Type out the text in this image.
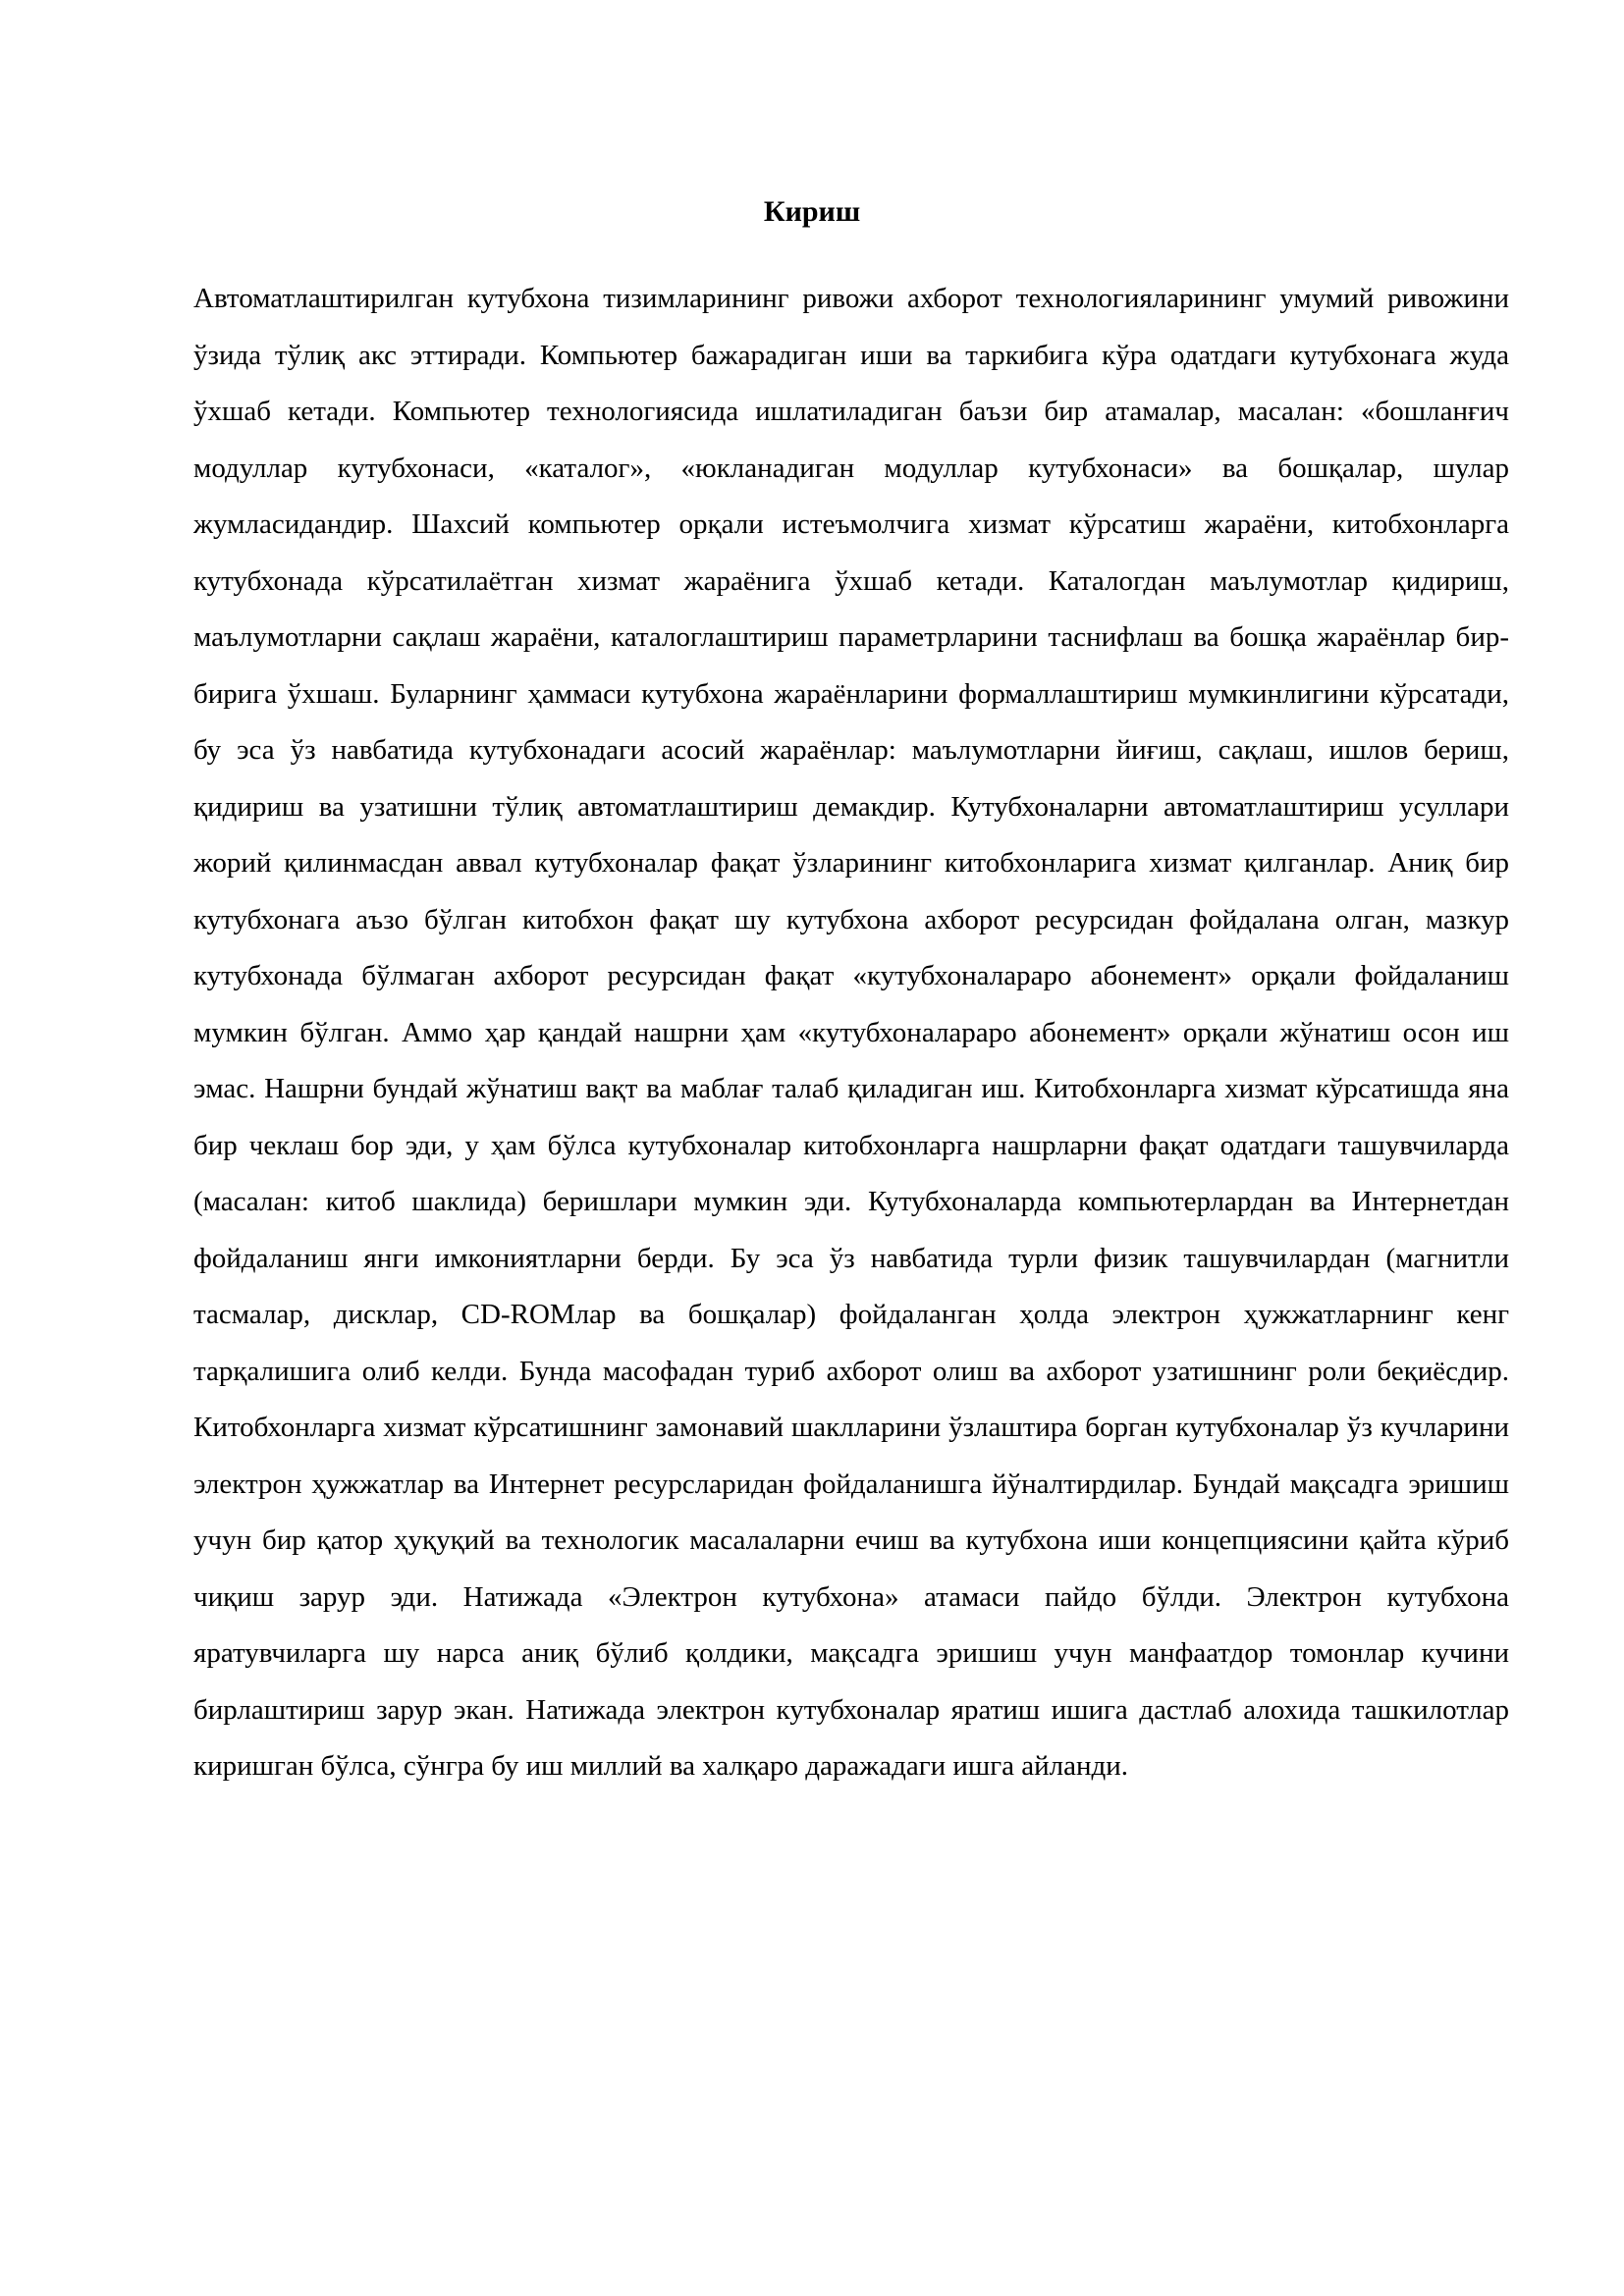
Кириш

Автоматлаштирилган кутубхона тизимларининг ривожи ахборот технологияларининг умумий ривожини ўзида тўлиқ акс эттиради. Компьютер бажарадиган иши ва таркибига кўра одатдаги кутубхонага жуда ўхшаб кетади. Компьютер технологиясида ишлатиладиган баъзи бир атамалар, масалан: «бошланғич модуллар кутубхонаси, «каталог», «юкланадиган модуллар кутубхонаси» ва бошқалар, шулар жумласидандир. Шахсий компьютер орқали истеъмолчига хизмат кўрсатиш жараёни, китобхонларга кутубхонада кўрсатилаётган хизмат жараёнига ўхшаб кетади. Каталогдан маълумотлар қидириш, маълумотларни сақлаш жараёни, каталоглаштириш параметрларини таснифлаш ва бошқа жараёнлар бир-бирига ўхшаш. Буларнинг ҳаммаси кутубхона жараёнларини формаллаштириш мумкинлигини кўрсатади, бу эса ўз навбатида кутубхонадаги асосий жараёнлар: маълумотларни йиғиш, сақлаш, ишлов бериш, қидириш ва узатишни тўлиқ автоматлаштириш демакдир. Кутубхоналарни автоматлаштириш усуллари жорий қилинмасдан аввал кутубхоналар фақат ўзларининг китобхонларига хизмат қилганлар. Аниқ бир кутубхонага аъзо бўлган китобхон фақат шу кутубхона ахборот ресурсидан фойдалана олган, мазкур кутубхонада бўлмаган ахборот ресурсидан фақат «кутубхоналараро абонемент» орқали фойдаланиш мумкин бўлган. Аммо ҳар қандай нашрни ҳам «кутубхоналараро абонемент» орқали жўнатиш осон иш эмас. Нашрни бундай жўнатиш вақт ва маблағ талаб қиладиган иш. Китобхонларга хизмат кўрсатишда яна бир чеклаш бор эди, у ҳам бўлса кутубхоналар китобхонларга нашрларни фақат одатдаги ташувчиларда (масалан: китоб шаклида) беришлари мумкин эди. Кутубхоналарда компьютерлардан ва Интернетдан фойдаланиш янги имкониятларни берди. Бу эса ўз навбатида турли физик ташувчилардан (магнитли тасмалар, дисклар, CD-ROMлар ва бошқалар) фойдаланган ҳолда электрон ҳужжатларнинг кенг тарқалишига олиб келди. Бунда масофадан туриб ахборот олиш ва ахборот узатишнинг роли беқиёсдир. Китобхонларга хизмат кўрсатишнинг замонавий шаклларини ўзлаштира борган кутубхоналар ўз кучларини электрон ҳужжатлар ва Интернет ресурсларидан фойдаланишга йўналтирдилар. Бундай мақсадга эришиш учун бир қатор ҳуқуқий ва технологик масалаларни ечиш ва кутубхона иши концепциясини қайта кўриб чиқиш зарур эди. Натижада «Электрон кутубхона» атамаси пайдо бўлди. Электрон кутубхона яратувчиларга шу нарса аниқ бўлиб қолдики, мақсадга эришиш учун манфаатдор томонлар кучини бирлаштириш зарур экан. Натижада электрон кутубхоналар яратиш ишига дастлаб алохида ташкилотлар киришган бўлса, сўнгра бу иш миллий ва халқаро даражадаги ишга айланди.
